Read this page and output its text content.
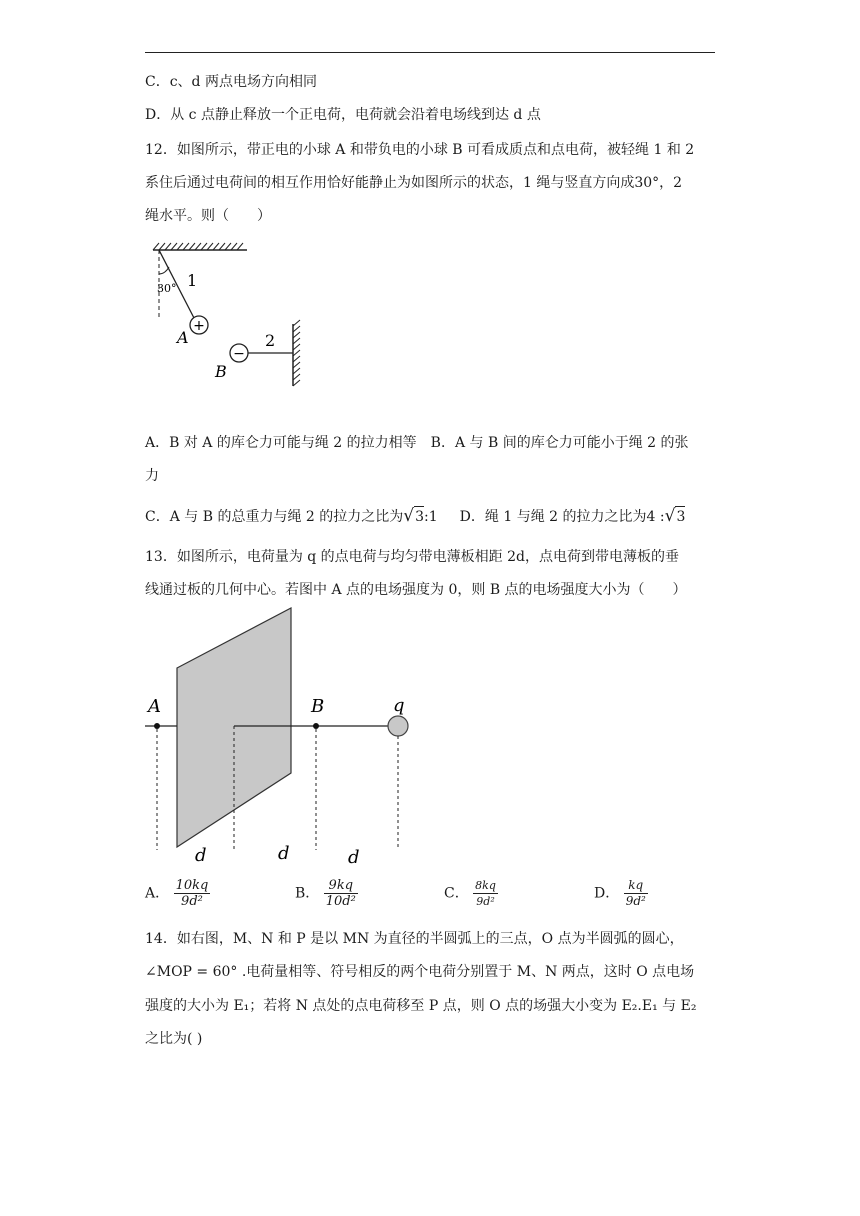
C．c、d 两点电场方向相同
D．从 c 点静止释放一个正电荷，电荷就会沿着电场线到达 d 点
12．如图所示，带正电的小球 A 和带负电的小球 B 可看成质点和点电荷，被轻绳 1 和 2
系住后通过电荷间的相互作用恰好能静止为如图所示的状态，1 绳与竖直方向成30°，2
绳水平。则（　　）
30° 1
+
A
−
B
2
A．B 对 A 的库仑力可能与绳 2 的拉力相等　B．A 与 B 间的库仑力可能小于绳 2 的张
力
C．A 与 B 的总重力与绳 2 的拉力之比为√3:1 D．绳 1 与绳 2 的拉力之比为4 :√3
13．如图所示，电荷量为 q 的点电荷与均匀带电薄板相距 2d，点电荷到带电薄板的垂
线通过板的几何中心。若图中 A 点的电场强度为 0，则 B 点的电场强度大小为（　　）
A	B	q
d	d	d
A． $\frac{10kq}{\text{9d²}}$	B． $\frac{9kq}{\text{10d²}}$	C． $\frac{8kq}{\text{9d²}}$	D． $\frac{kq}{\text{9d²}}$
14．如右图，M、N 和 P 是以 MN 为直径的半圆弧上的三点，O 点为半圆弧的圆心，
∠MOP = 60° .电荷量相等、符号相反的两个电荷分别置于 M、N 两点，这时 O 点电场
强度的大小为 E₁；若将 N 点处的点电荷移至 P 点，则 O 点的场强大小变为 E₂.E₁ 与 E₂
之比为( )
